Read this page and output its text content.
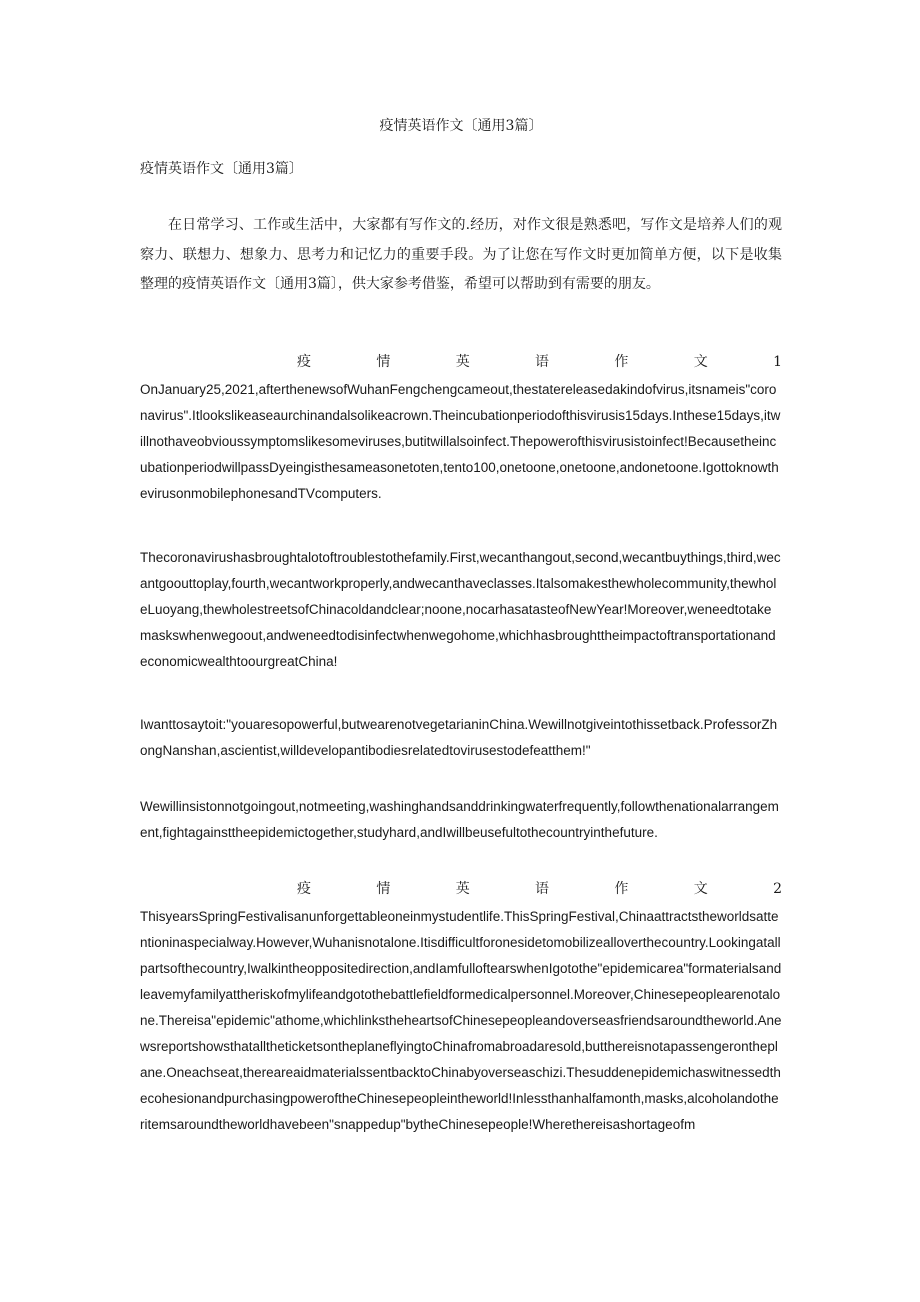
疫情英语作文〔通用3篇〕
疫情英语作文〔通用3篇〕

在日常学习、工作或生活中，大家都有写作文的.经历，对作文很是熟悉吧，写作文是培养人们的观察力、联想力、想象力、思考力和记忆力的重要手段。为了让您在写作文时更加简单方便，以下是收集整理的疫情英语作文〔通用3篇〕，供大家参考借鉴，希望可以帮助到有需要的朋友。

疫	情	英	语	作	文	1

OnJanuary25,2021,afterthenewsofWuhanFengchengcameout,thestatereleasedakindofvirus,itsnameis"coronavirus".Itlookslikeaseaurchinandalsolikeacrown.Theincubationperiodofthisvirusis15days.Inthese15days,itwillnothaveobvioussymptomslikesomeviruses,butitwillalsoinfect.Thepowerofthisvirusistoinfect!BecausetheincubationperiodwillpassDyeingisthesameasonetoten,tento100,onetoone,onetoone,andonetoone.IgottoknowthevirusonmobilephonesandTVcomputers.

Thecoronavirushasbroughtalotoftroublestothefamily.First,wecanthangout,second,wecantbuythings,third,wecantgoouttoplay,fourth,wecantworkproperly,andwecanthaveclasses.Italsomakesthewholecommunity,thewholeLuoyang,thewholestreetsofChinacoldandclear;noone,nocarhasatasteofNewYear!Moreover,weneedtotakemaskswhenwegoout,andweneedtodisinfectwhenwegohome,whichhasbroughttheimpactoftransportationandeconomicwealthtoourgreatChina!

Iwanttosaytoit:"youaresopowerful,butwearenotvegetarianinChina.Wewillnotgiveintothissetback.ProfessorZhongNanshan,ascientist,willdevelopantibodiesrelatedtovirusestodefeatthem!"

Wewillinsistonnotgoingout,notmeeting,washinghandsanddrinkingwaterfrequently,followthenationalarrangement,fightagainsttheepidemictogether,studyhard,andIwillbeusefultothecountryinthefuture.

疫	情	英	语	作	文	2

ThisyearsSpringFestivalisanunforgettableoneinmystudentlife.ThisSpringFestival,Chinaattractstheworldsattentioninaspecialway.However,Wuhanisnotalone.Itisdifficultforonesidetomobilizealloverthecountry.Lookingatallpartsofthecountry,Iwalkintheoppositedirection,andIamfulloftearswhenIgotothe"epidemicarea"formaterialsandleavemyfamilyattheriskofmylifeandgotothebattlefieldformedicalpersonnel.Moreover,Chinesepeoplearenotalone.Thereisa"epidemic"athome,whichlinkstheheartsofChinesepeopleandoverseasfriendsaroundtheworld.AnewsreportshowsthatalltheticketsontheplaneflyingtoChinafromabroadaresold,butthereisnotapassengerontheplane.Oneachseat,thereareaidmaterialssentbacktoChinabyoverseaschizi.ThesuddenepidemichaswitnessedthecohesionandpurchasingpoweroftheChinesepeopleintheworld!Inlessthanhalfamonth,masks,alcoholandotheritemsaroundtheworldhavebeen"snappedup"bytheChinesepeople!Wherethereisashortageofm
